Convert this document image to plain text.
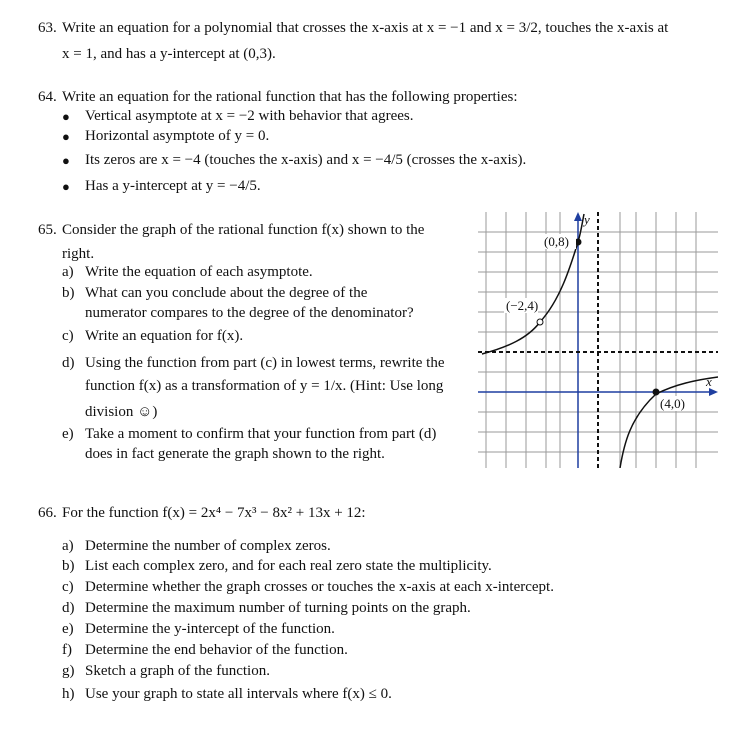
63. Write an equation for a polynomial that crosses the x-axis at x = −1 and x = 3/2, touches the x-axis at
x = 1, and has a y-intercept at (0,3).
64. Write an equation for the rational function that has the following properties:
● Vertical asymptote at x = −2 with behavior that agrees.
● Horizontal asymptote of y = 0.
● Its zeros are x = −4 (touches the x-axis) and x = −4/5 (crosses the x-axis).
● Has a y-intercept at y = −4/5.
65. Consider the graph of the rational function f(x) shown to the
right.
a) Write the equation of each asymptote.
b) What can you conclude about the degree of the
numerator compares to the degree of the denominator?
c) Write an equation for f(x).
d) Using the function from part (c) in lowest terms, rewrite the
function f(x) as a transformation of y = 1/x. (Hint: Use long
division ☺)
e) Take a moment to confirm that your function from part (d)
does in fact generate the graph shown to the right.
(0,8)
(−2,4)
(4,0)
x
y
66. For the function f(x) = 2x⁴ − 7x³ − 8x² + 13x + 12:
a) Determine the number of complex zeros.
b) List each complex zero, and for each real zero state the multiplicity.
c) Determine whether the graph crosses or touches the x-axis at each x-intercept.
d) Determine the maximum number of turning points on the graph.
e) Determine the y-intercept of the function.
f) Determine the end behavior of the function.
g) Sketch a graph of the function.
h) Use your graph to state all intervals where f(x) ≤ 0.
